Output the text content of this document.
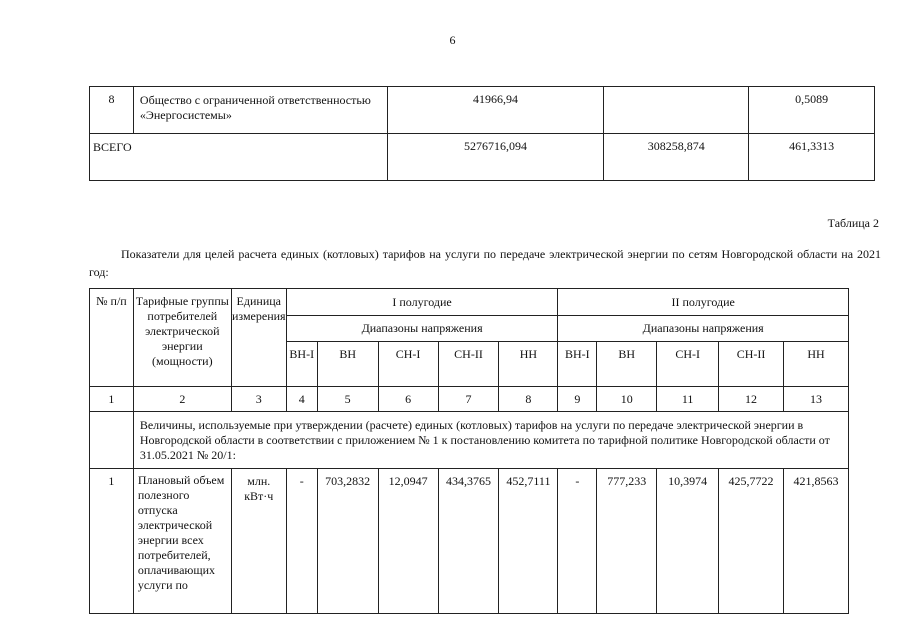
6
8	Общество с ограниченной ответственностью «Энергосистемы»	41966,94		0,5089
ВСЕГО		5276716,094	308258,874	461,3313
Таблица 2
Показатели для целей расчета единых (котловых) тарифов на услуги по передаче электрической энергии по сетям Новгородской области на 2021 год:
№ п/п	Тарифные группы потребителей электрической энергии (мощности)	Единица измерения	I полугодие					II полугодие				
			Диапазоны напряжения					Диапазоны напряжения				
			ВН-I	ВН	СН-I	СН-II	НН	ВН-I	ВН	СН-I	СН-II	НН
1	2	3	4	5	6	7	8	9	10	11	12	13
	Величины, используемые при утверждении (расчете) единых (котловых) тарифов на услуги по передаче электрической энергии в Новгородской области в соответствии с приложением № 1 к постановлению комитета по тарифной политике Новгородской области от 31.05.2021 № 20/1:											
1	Плановый объем полезного отпуска электрической энергии всех потребителей, оплачивающих услуги по	млн. кВт·ч	-	703,2832	12,0947	434,3765	452,7111	-	777,233	10,3974	425,7722	421,8563
